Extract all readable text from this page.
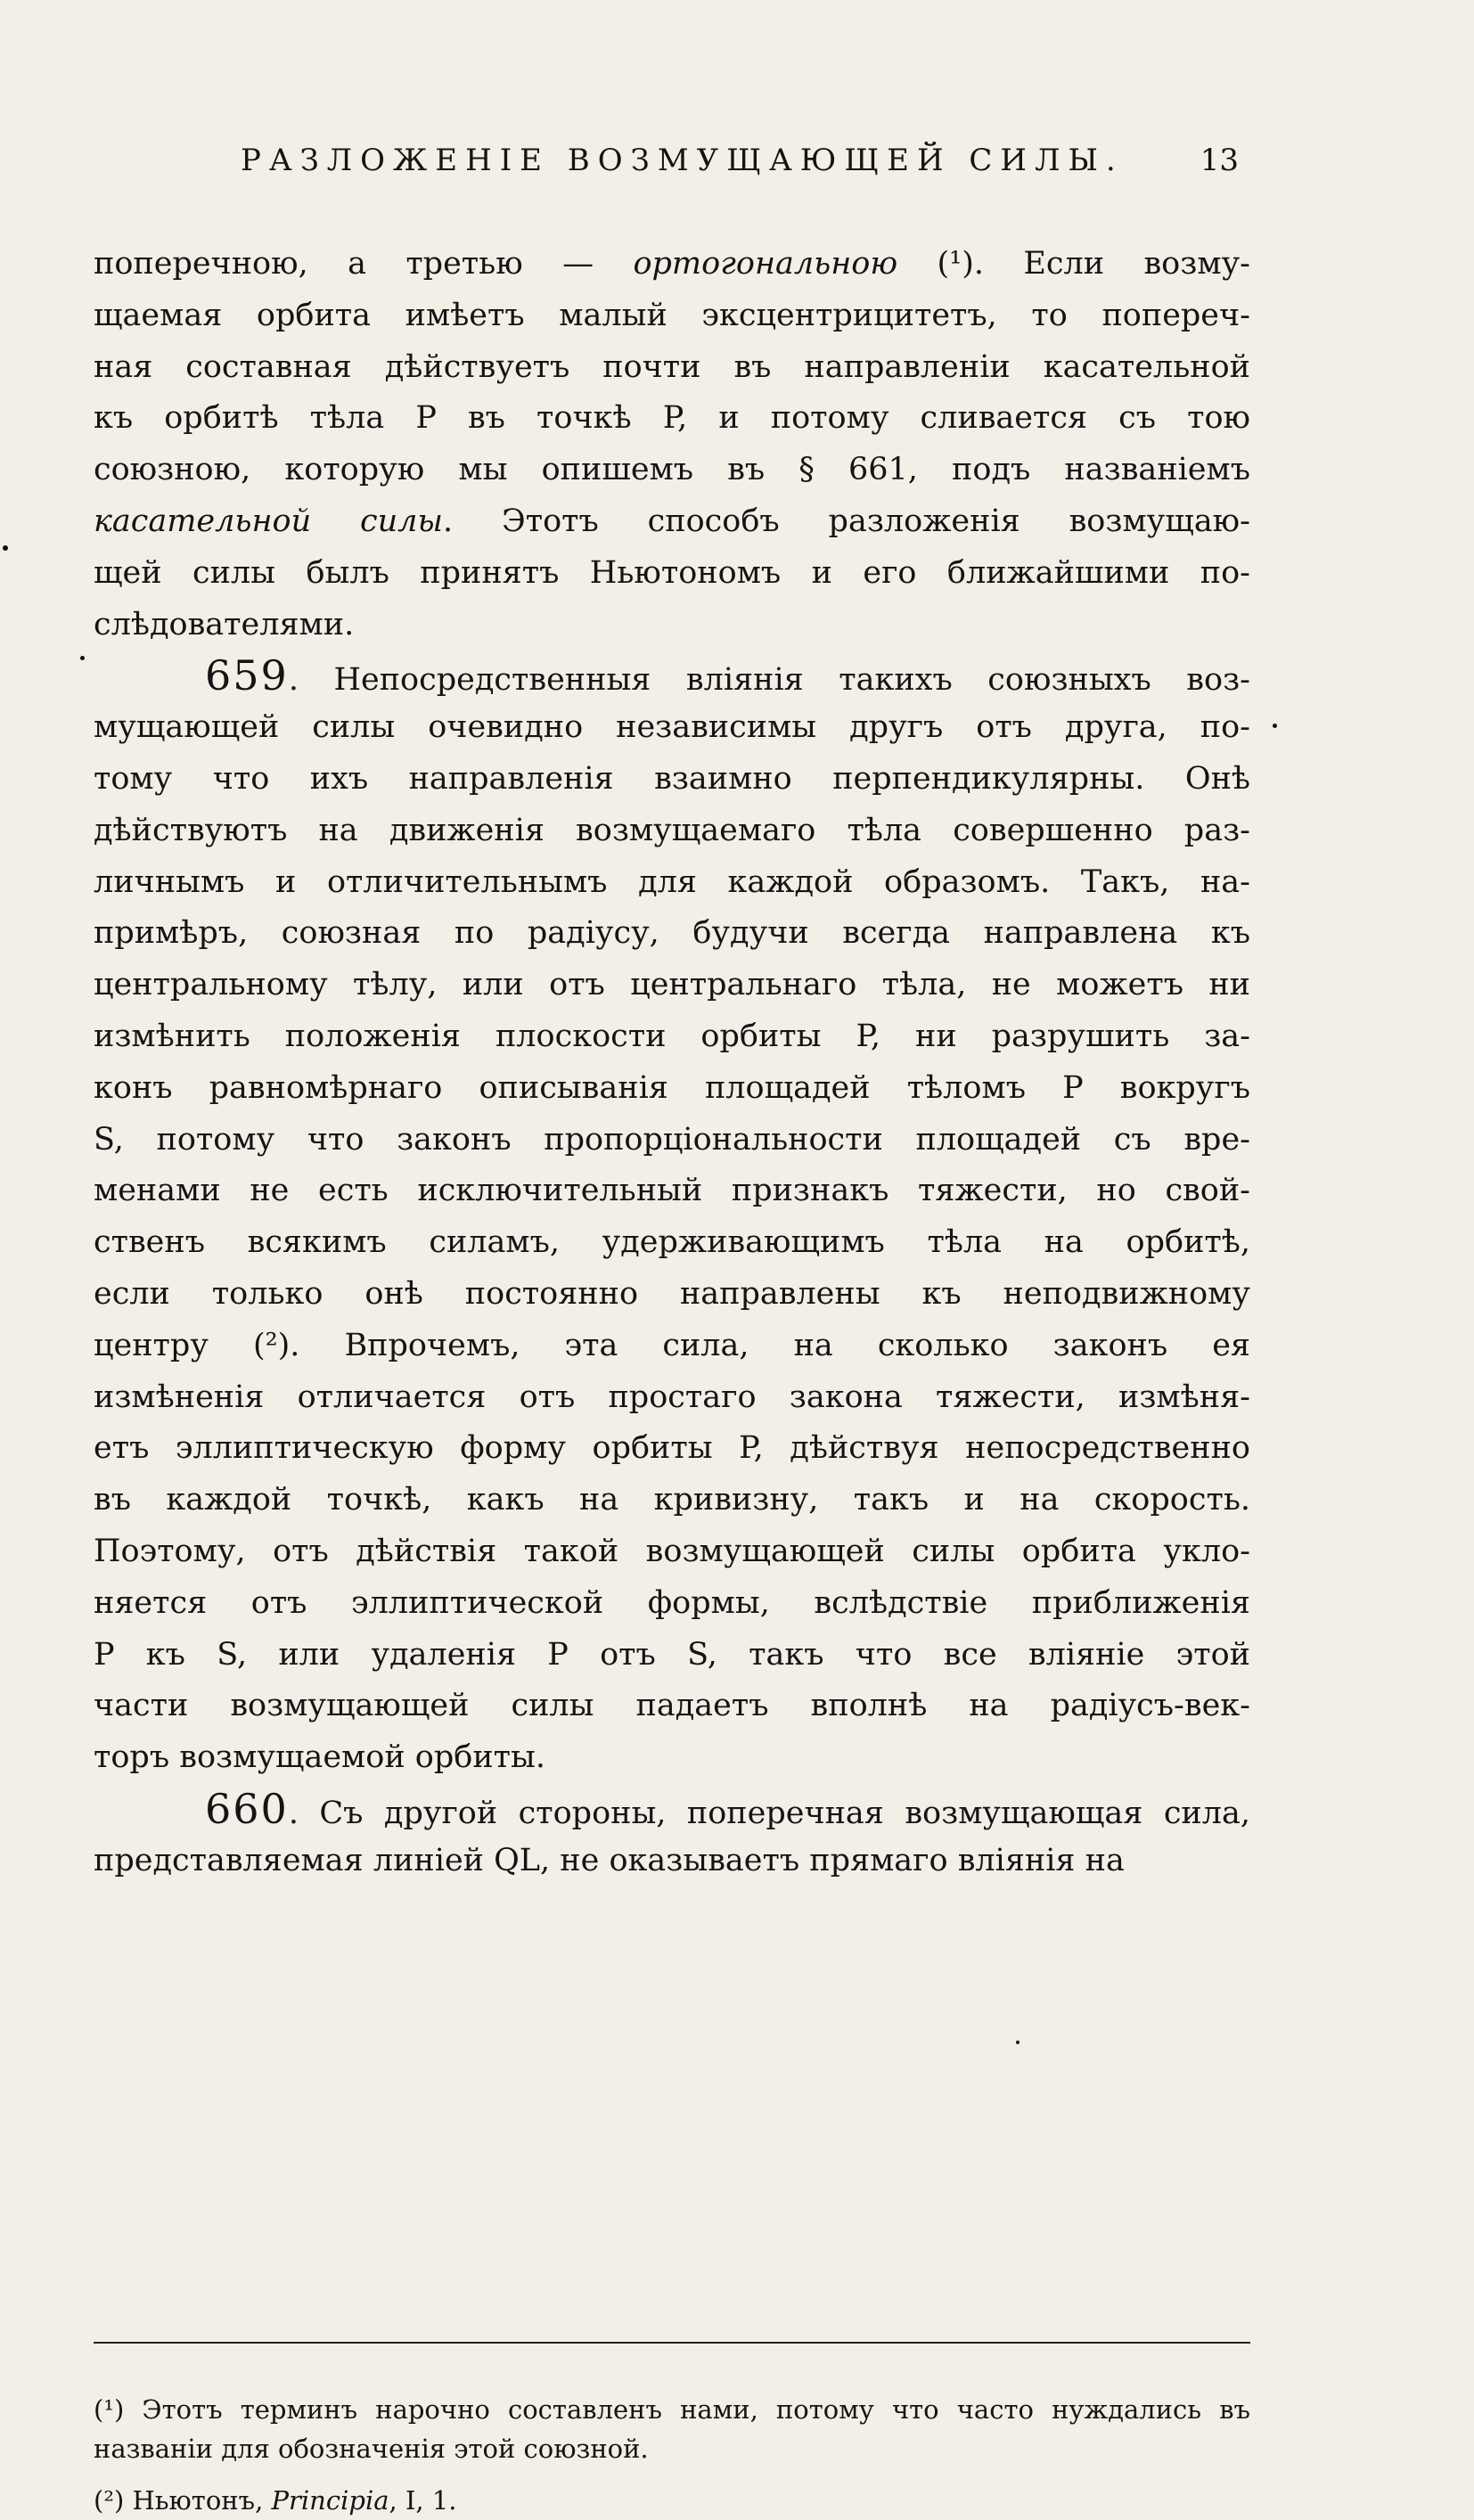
РАЗЛОЖЕНІЕ ВОЗМУЩАЮЩЕЙ СИЛЫ.	13
поперечною, а третью — ортогональною (¹). Если возму-
щаемая орбита имѣетъ малый эксцентрицитетъ, то попереч-
ная составная дѣйствуетъ почти въ направленіи касательной
къ орбитѣ тѣла P въ точкѣ P, и потому сливается съ тою
союзною, которую мы опишемъ въ § 661, подъ названіемъ
касательной силы. Этотъ способъ разложенія возмущаю-
щей силы былъ принятъ Ньютономъ и его ближайшими по-
слѣдователями.
659. Непосредственныя вліянія такихъ союзныхъ воз-
мущающей силы очевидно независимы другъ отъ друга, по-
тому что ихъ направленія взаимно перпендикулярны. Онѣ
дѣйствуютъ на движенія возмущаемаго тѣла совершенно раз-
личнымъ и отличительнымъ для каждой образомъ. Такъ, на-
примѣръ, союзная по радіусу, будучи всегда направлена къ
центральному тѣлу, или отъ центральнаго тѣла, не можетъ ни
измѣнить положенія плоскости орбиты P, ни разрушить за-
конъ равномѣрнаго описыванія площадей тѣломъ P вокругъ
S, потому что законъ пропорціональности площадей съ вре-
менами не есть исключительный признакъ тяжести, но свой-
ственъ всякимъ силамъ, удерживающимъ тѣла на орбитѣ,
если только онѣ постоянно направлены къ неподвижному
центру (²). Впрочемъ, эта сила, на сколько законъ ея
измѣненія отличается отъ простаго закона тяжести, измѣня-
етъ эллиптическую форму орбиты P, дѣйствуя непосредственно
въ каждой точкѣ, какъ на кривизну, такъ и на скорость.
Поэтому, отъ дѣйствія такой возмущающей силы орбита укло-
няется отъ эллиптической формы, вслѣдствіе приближенія
P къ S, или удаленія P отъ S, такъ что все вліяніе этой
части возмущающей силы падаетъ вполнѣ на радіусъ-век-
торъ возмущаемой орбиты.
660. Съ другой стороны, поперечная возмущающая сила,
представляемая линіей QL, не оказываетъ прямаго вліянія на
(¹) Этотъ терминъ нарочно составленъ нами, потому что часто нуждались въ
названіи для обозначенія этой союзной.
(²) Ньютонъ, Principia, I, 1.
